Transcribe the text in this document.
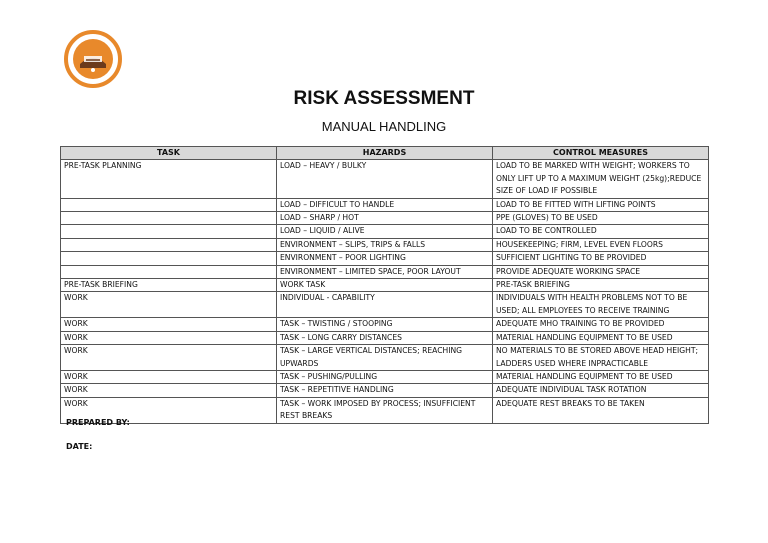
RISK ASSESSMENT
MANUAL HANDLING
TASK	HAZARDS	CONTROL MEASURES
PRE-TASK PLANNING	LOAD – HEAVY / BULKY	LOAD TO BE MARKED WITH WEIGHT; WORKERS TO ONLY LIFT UP TO A MAXIMUM WEIGHT (25kg);REDUCE SIZE OF LOAD IF POSSIBLE
	LOAD – DIFFICULT TO HANDLE	LOAD TO BE FITTED WITH LIFTING POINTS
	LOAD – SHARP / HOT	PPE (GLOVES) TO BE USED
	LOAD – LIQUID / ALIVE	LOAD TO BE CONTROLLED
	ENVIRONMENT – SLIPS, TRIPS & FALLS	HOUSEKEEPING; FIRM, LEVEL EVEN FLOORS
	ENVIRONMENT – POOR LIGHTING	SUFFICIENT LIGHTING TO BE PROVIDED
	ENVIRONMENT – LIMITED SPACE, POOR LAYOUT	PROVIDE ADEQUATE WORKING SPACE
PRE-TASK BRIEFING	WORK TASK	PRE-TASK BRIEFING
WORK	INDIVIDUAL - CAPABILITY	INDIVIDUALS WITH HEALTH PROBLEMS NOT TO BE USED; ALL EMPLOYEES TO RECEIVE TRAINING
WORK	TASK – TWISTING / STOOPING	ADEQUATE MHO TRAINING TO BE PROVIDED
WORK	TASK – LONG CARRY DISTANCES	MATERIAL HANDLING EQUIPMENT TO BE USED
WORK	TASK – LARGE VERTICAL DISTANCES; REACHING UPWARDS	NO MATERIALS TO BE STORED ABOVE HEAD HEIGHT; LADDERS USED WHERE INPRACTICABLE
WORK	TASK – PUSHING/PULLING	MATERIAL HANDLING EQUIPMENT TO BE USED
WORK	TASK – REPETITIVE HANDLING	ADEQUATE INDIVIDUAL TASK ROTATION
WORK	TASK – WORK IMPOSED BY PROCESS; INSUFFICIENT REST BREAKS	ADEQUATE REST BREAKS TO BE TAKEN
PREPARED BY:
DATE:
